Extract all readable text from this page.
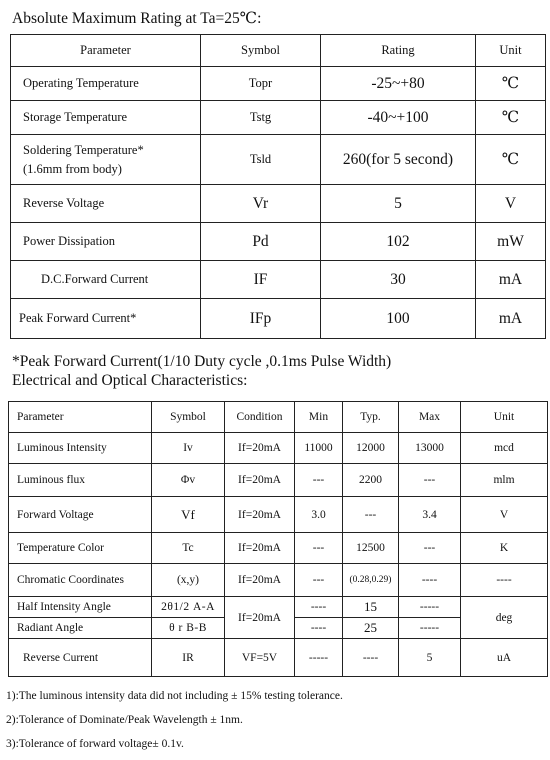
Absolute Maximum Rating at Ta=25℃:
Parameter	Symbol	Rating	Unit
Operating Temperature	Topr	-25~+80	℃
Storage Temperature	Tstg	-40~+100	℃

Soldering Temperature*
(1.6mm from body)	Tsld	260(for 5 second)	℃
Reverse Voltage	Vr	5	V
Power Dissipation	Pd	102	mW
D.C.Forward Current	IF	30	mA
Peak Forward Current*	IFp	100	mA
*Peak Forward Current(1/10 Duty cycle ,0.1ms Pulse Width)
Electrical and Optical Characteristics:
Parameter	Symbol	Condition	Min	Typ.	Max	Unit
Luminous Intensity	Iv	If=20mA	11000	12000	13000	mcd
Luminous flux	Φv	If=20mA	---	2200	---	mlm
Forward Voltage	Vf	If=20mA	3.0	---	3.4	V
Temperature Color	Tc	If=20mA	---	12500	---	K
Chromatic Coordinates	(x,y)	If=20mA	---	(0.28,0.29)	----	----
Half Intensity Angle	2θ1/2 A-A	If=20mA	----	15	-----	deg
Radiant Angle	θ r B-B		----	25	-----	
Reverse Current	IR	VF=5V	-----	----	5	uA
1):The luminous intensity data did not including ± 15% testing tolerance.
2):Tolerance of Dominate/Peak Wavelength ± 1nm.
3):Tolerance of forward voltage± 0.1v.
